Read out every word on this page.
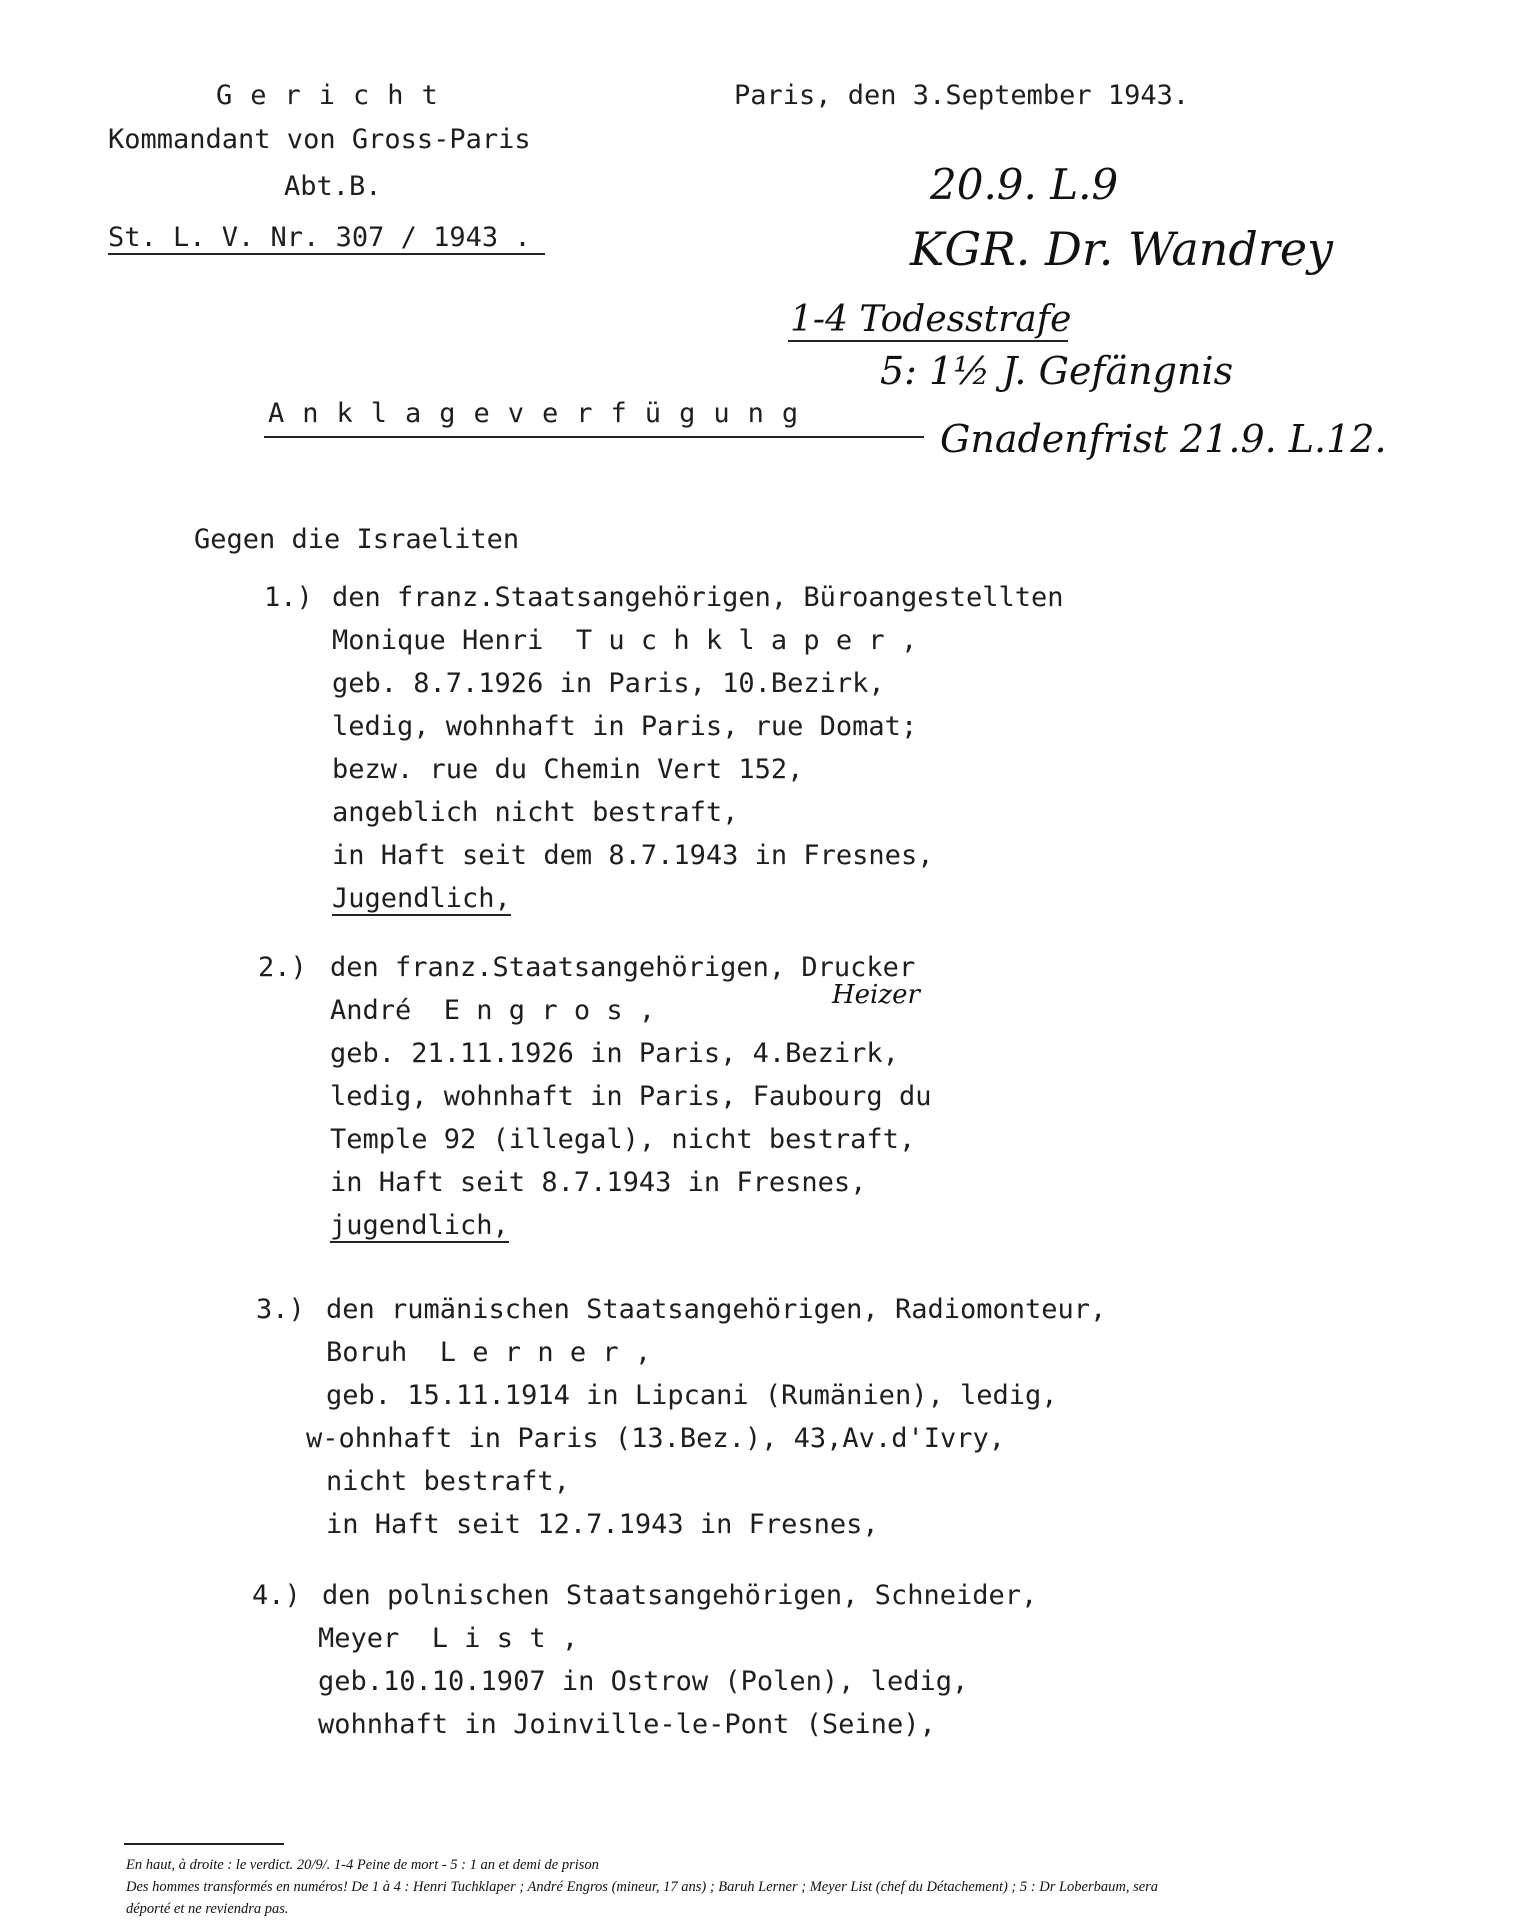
Gericht
Kommandant von Gross-Paris
Abt.B.
St. L. V. Nr. 307 / 1943 .
Paris, den 3.September 1943.
20.9. L.9
KGR. Dr. Wandrey
1-4 Todesstrafe
5: 1½ J. Gefängnis
Gnadenfrist 21.9. L.12.
Anklageverfügung
Gegen die Israeliten
1.) den franz.Staatsangehörigen, Büroangestellten
Monique Henri  T u c h k l a p e r ,
geb. 8.7.1926 in Paris, 10.Bezirk,
ledig, wohnhaft in Paris, rue Domat;
bezw. rue du Chemin Vert 152,
angeblich nicht bestraft,
in Haft seit dem 8.7.1943 in Fresnes,
Jugendlich,
Heizer
2.) den franz.Staatsangehörigen, Drucker
André  E n g r o s ,
geb. 21.11.1926 in Paris, 4.Bezirk,
ledig, wohnhaft in Paris, Faubourg du
Temple 92 (illegal), nicht bestraft,
in Haft seit 8.7.1943 in Fresnes,
jugendlich,
3.) den rumänischen Staatsangehörigen, Radiomonteur,
Boruh  L e r n e r ,
geb. 15.11.1914 in Lipcani (Rumänien), ledig,
w-ohnhaft in Paris (13.Bez.), 43,Av.d'Ivry,
nicht bestraft,
in Haft seit 12.7.1943 in Fresnes,
4.) den polnischen Staatsangehörigen, Schneider,
Meyer  L i s t ,
geb.10.10.1907 in Ostrow (Polen), ledig,
wohnhaft in Joinville-le-Pont (Seine),
En haut, à droite : le verdict. 20/9/. 1-4 Peine de mort - 5 : 1 an et demi de prison
Des hommes transformés en numéros! De 1 à 4 : Henri Tuchklaper ; André Engros (mineur, 17 ans) ; Baruh Lerner ; Meyer List (chef du Détachement) ; 5 : Dr Loberbaum, sera
déporté et ne reviendra pas.
